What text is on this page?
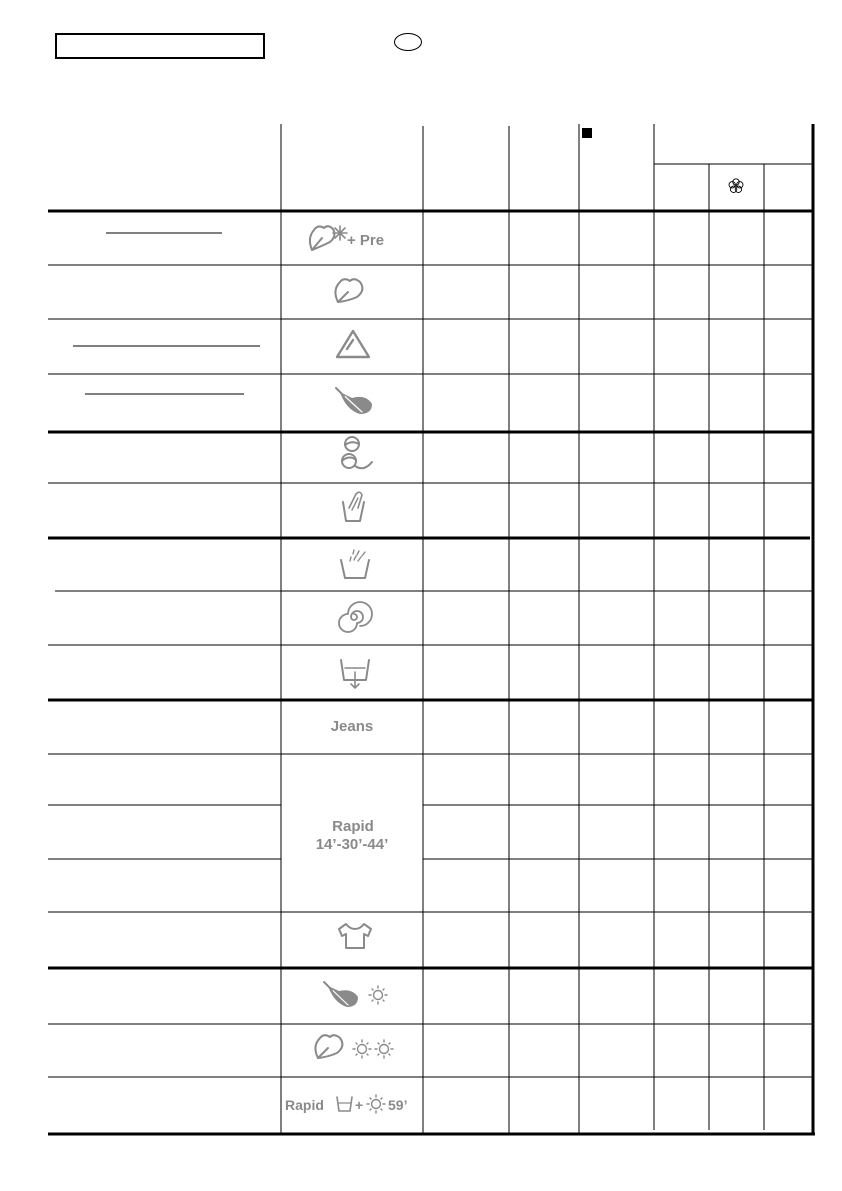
+ Pre
Jeans
Rapid
14’-30’-44’
Rapid + 59’
